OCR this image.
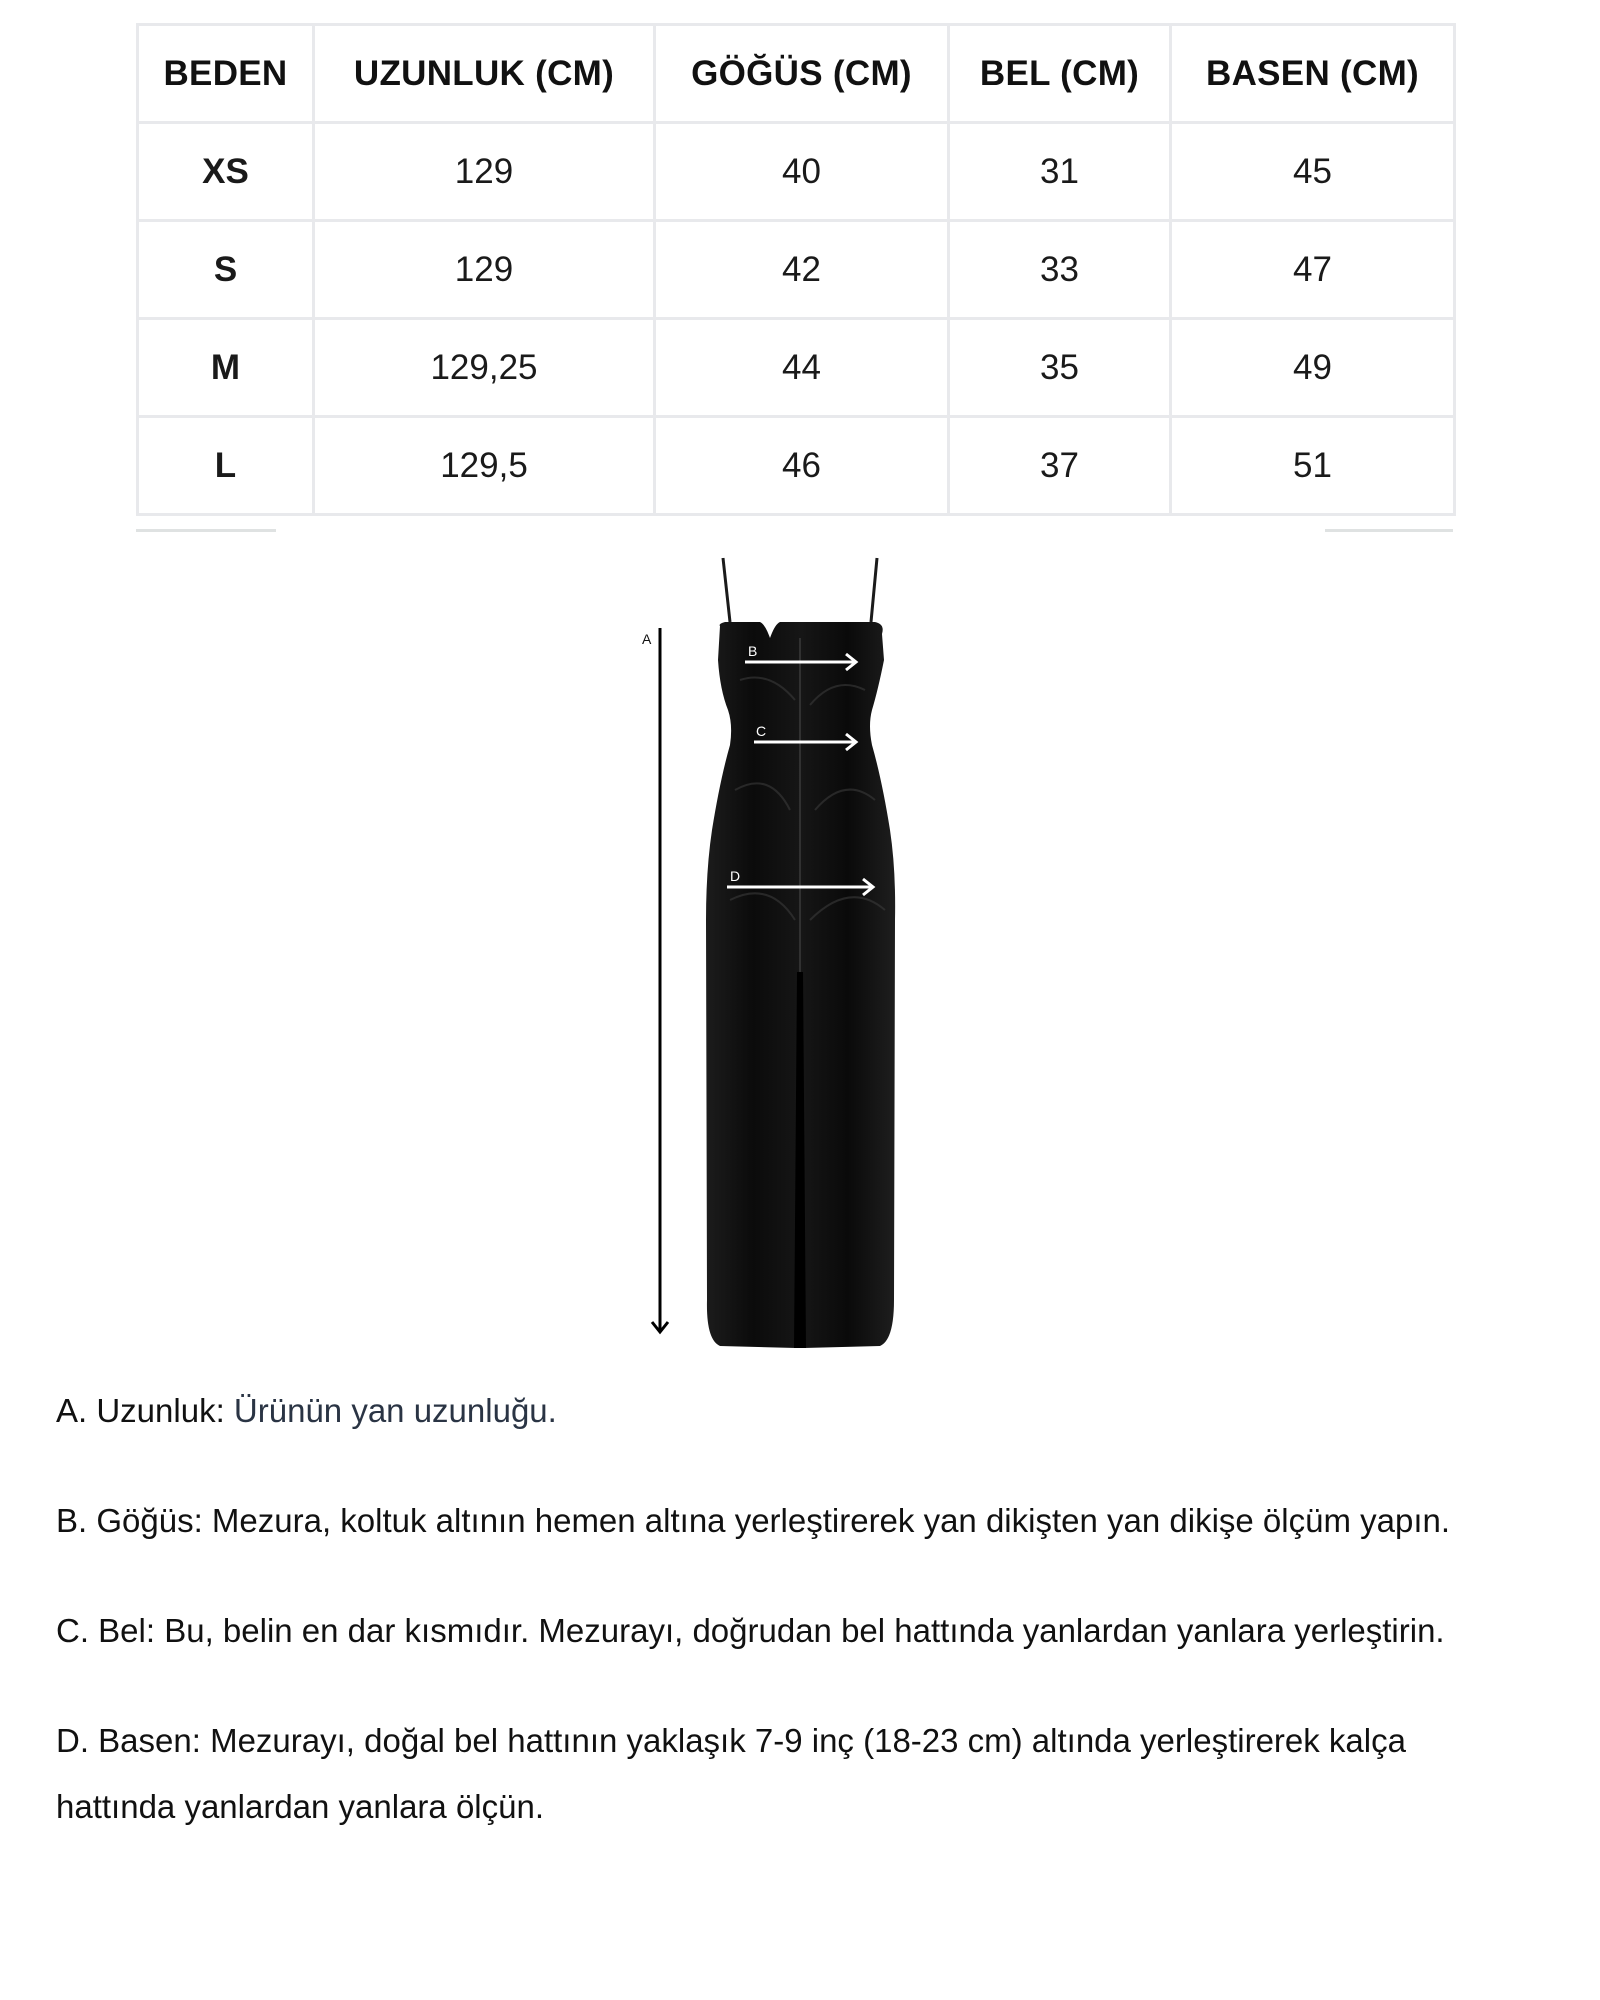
BEDEN	UZUNLUK (CM)	GÖĞÜS (CM)	BEL (CM)	BASEN (CM)
XS	129	40	31	45
S	129	42	33	47
M	129,25	44	35	49
L	129,5	46	37	51
A
B
C
D

A. Uzunluk: Ürünün yan uzunluğu.

B. Göğüs: Mezura, koltuk altının hemen altına yerleştirerek yan dikişten yan dikişe ölçüm yapın.

C. Bel: Bu, belin en dar kısmıdır. Mezurayı, doğrudan bel hattında yanlardan yanlara yerleştirin.

D. Basen: Mezurayı, doğal bel hattının yaklaşık 7-9 inç (18-23 cm) altında yerleştirerek kalça hattında yanlardan yanlara ölçün.
